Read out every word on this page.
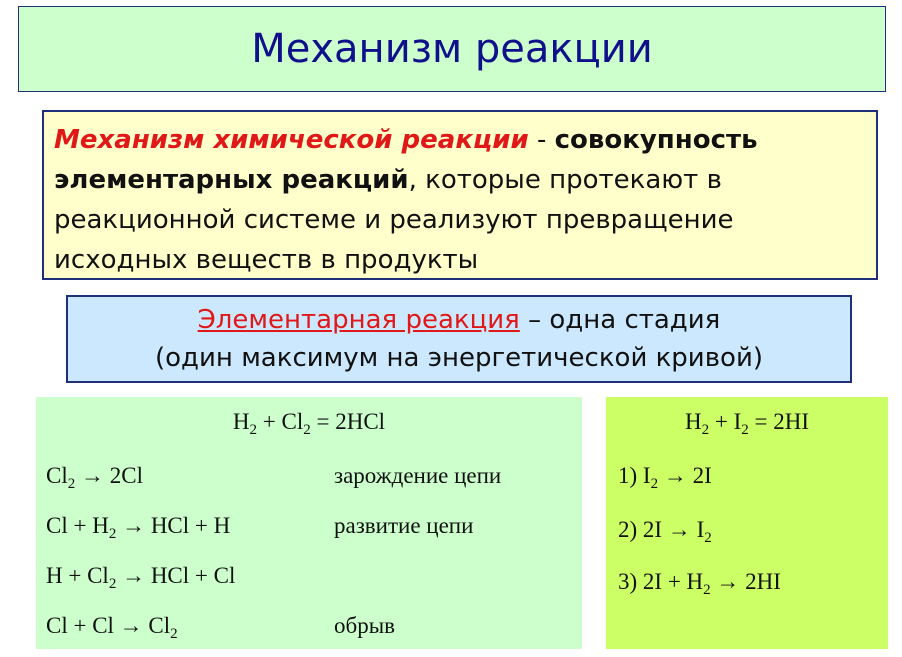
Механизм реакции
Механизм химической реакции - совокупность элементарных реакций, которые протекают в реакционной системе и реализуют превращение исходных веществ в продукты
Элементарная реакция – одна стадия
(один максимум на энергетической кривой)
$H_2 + Cl_2 = 2HCl$
$Cl_2 \to 2Cl$	зарождение цепи
$Cl + H_2$ → HCl + H	развитие цепи
$H + Cl_2$ → HCl + Cl
$Cl + Cl \to Cl_2$	обрыв
$H_2 + I_2 = 2HI$
1) $I_2 \to 2I$
2) $2I \to I_2$
3) $2I + H_2 \to 2HI$
